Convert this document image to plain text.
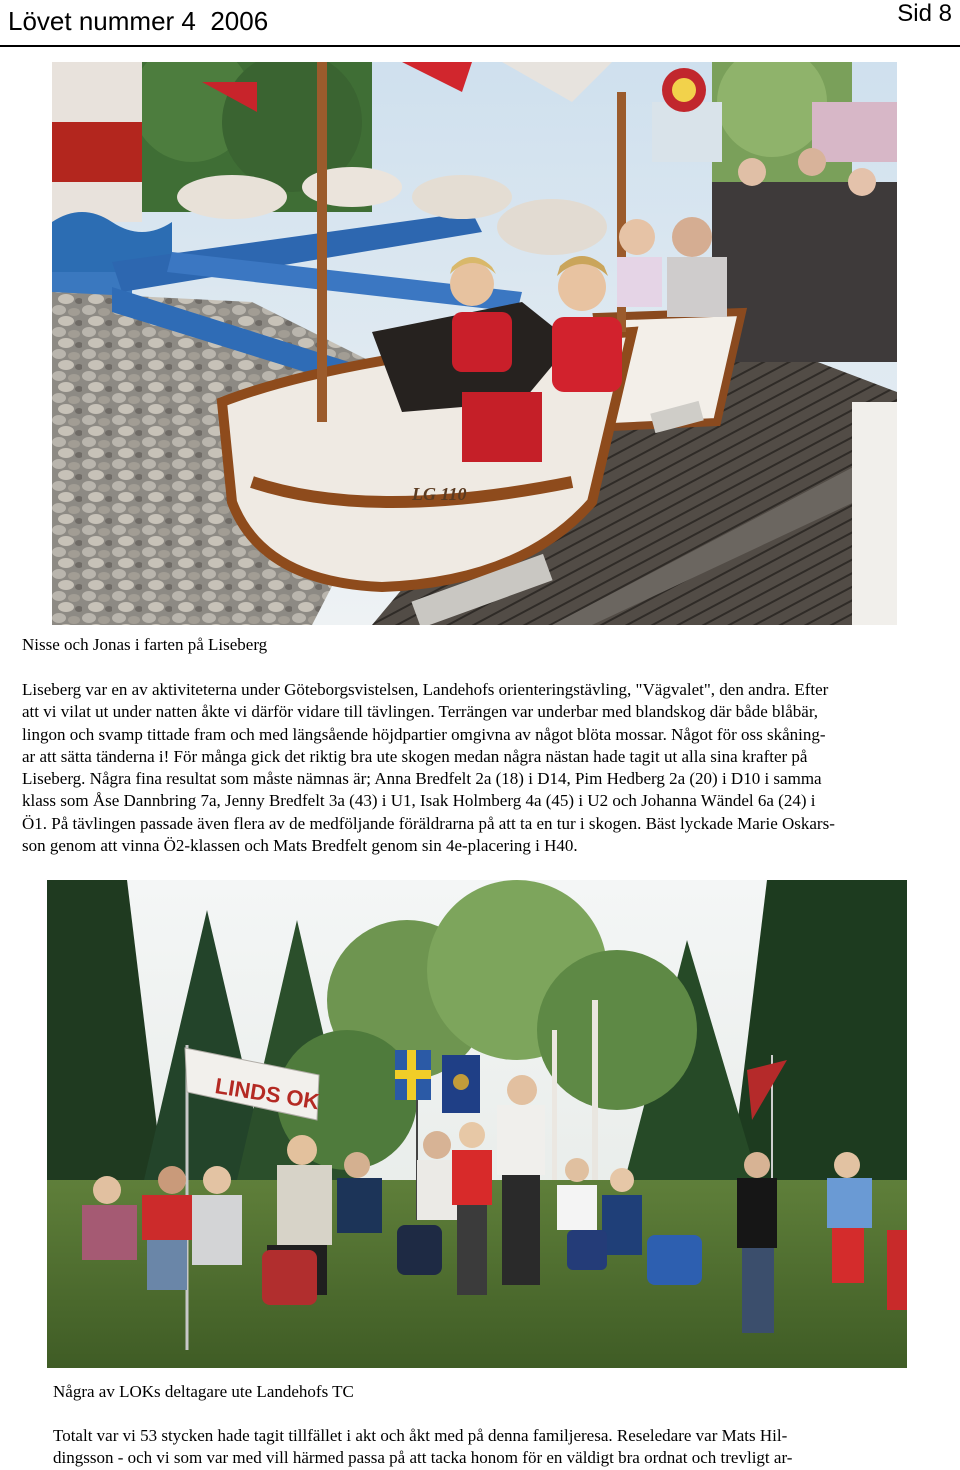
Lövet nummer 4  2006	Sid 8
LG 110
Nisse och Jonas i farten på Liseberg
Liseberg var en av aktiviteterna under Göteborgsvistelsen, Landehofs orienteringstävling, "Vägvalet", den andra. Efter
att vi vilat ut under natten åkte vi därför vidare till tävlingen. Terrängen var underbar med blandskog där både blåbär,
lingon och svamp tittade fram och med längsående höjdpartier omgivna av något blöta mossar. Något för oss skåning-
ar att sätta tänderna i! För många gick det riktig bra ute skogen medan några nästan hade tagit ut alla sina krafter på
Liseberg. Några fina resultat som måste nämnas är; Anna Bredfelt 2a (18) i D14, Pim Hedberg 2a (20) i D10 i samma
klass som Åse Dannbring 7a, Jenny Bredfelt 3a (43) i U1, Isak Holmberg 4a (45) i U2 och Johanna Wändel 6a (24) i
Ö1. På tävlingen passade även flera av de medföljande föräldrarna på att ta en tur i skogen. Bäst lyckade Marie Oskars-
son genom att vinna Ö2-klassen och Mats Bredfelt genom sin 4e-placering i H40.
LINDS OK
Några av LOKs deltagare ute Landehofs TC
Totalt var vi 53 stycken hade tagit tillfället i akt och åkt med på denna familjeresa. Reseledare var Mats Hil-
dingsson - och vi som var med vill härmed passa på att tacka honom för en väldigt bra ordnat och trevligt ar-
